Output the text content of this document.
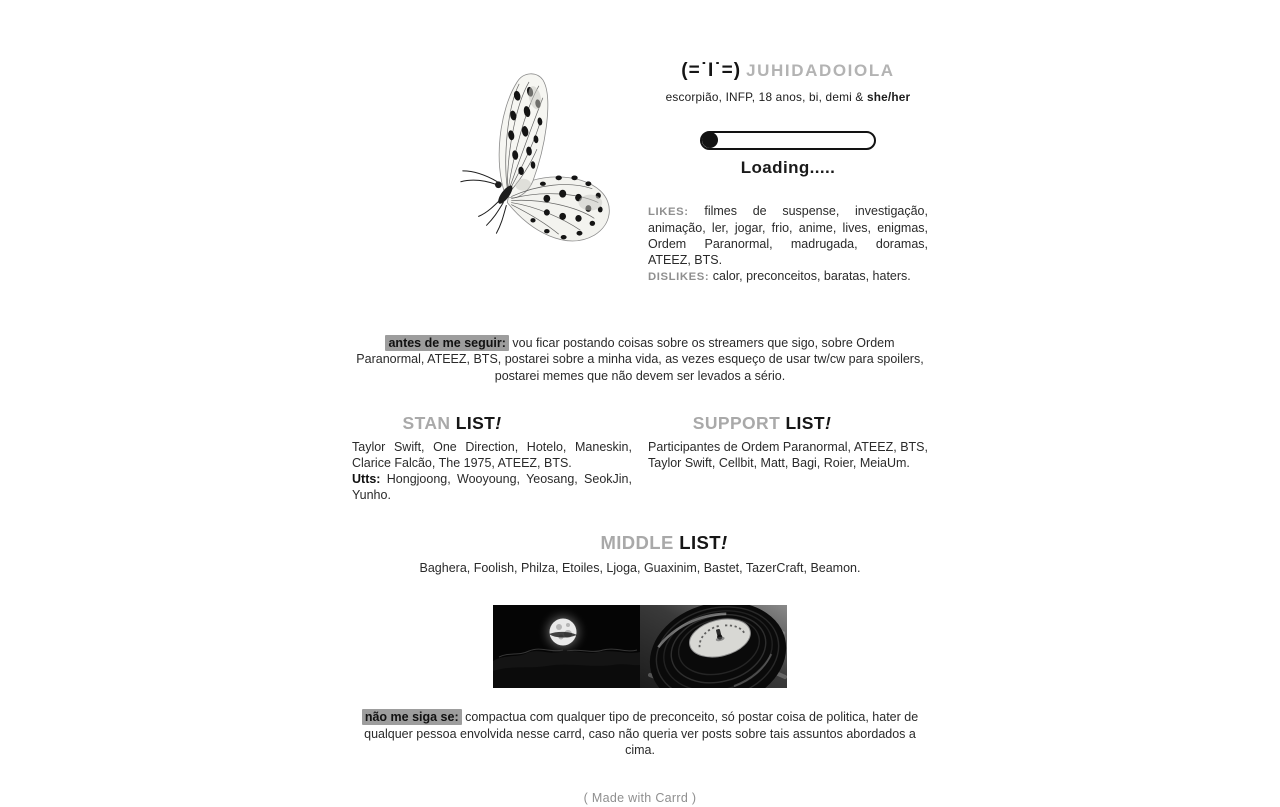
(=˙I˙=) JUHIDADOIOLA

escorpião, INFP, 18 anos, bi, demi & she/her

Loading.....

LIKES: filmes de suspense, investigação, animação, ler, jogar, frio, anime, lives, enigmas, Ordem Paranormal, madrugada, doramas, ATEEZ, BTS.

DISLIKES: calor, preconceitos, baratas, haters.

antes de me seguir: vou ficar postando coisas sobre os streamers que sigo, sobre Ordem Paranormal, ATEEZ, BTS, postarei sobre a minha vida, as vezes esqueço de usar tw/cw para spoilers, postarei memes que não devem ser levados a sério.

STAN LIST!

Taylor Swift, One Direction, Hotelo, Maneskin, Clarice Falcão, The 1975, ATEEZ, BTS.
Utts: Hongjoong, Wooyoung, Yeosang, SeokJin, Yunho.

SUPPORT LIST!

Participantes de Ordem Paranormal, ATEEZ, BTS, Taylor Swift, Cellbit, Matt, Bagi, Roier, MeiaUm.

MIDDLE LIST!

Baghera, Foolish, Philza, Etoiles, Ljoga, Guaxinim, Bastet, TazerCraft, Beamon.

não me siga se: compactua com qualquer tipo de preconceito, só postar coisa de politica, hater de qualquer pessoa envolvida nesse carrd, caso não queria ver posts sobre tais assuntos abordados a cima.

( Made with Carrd )
